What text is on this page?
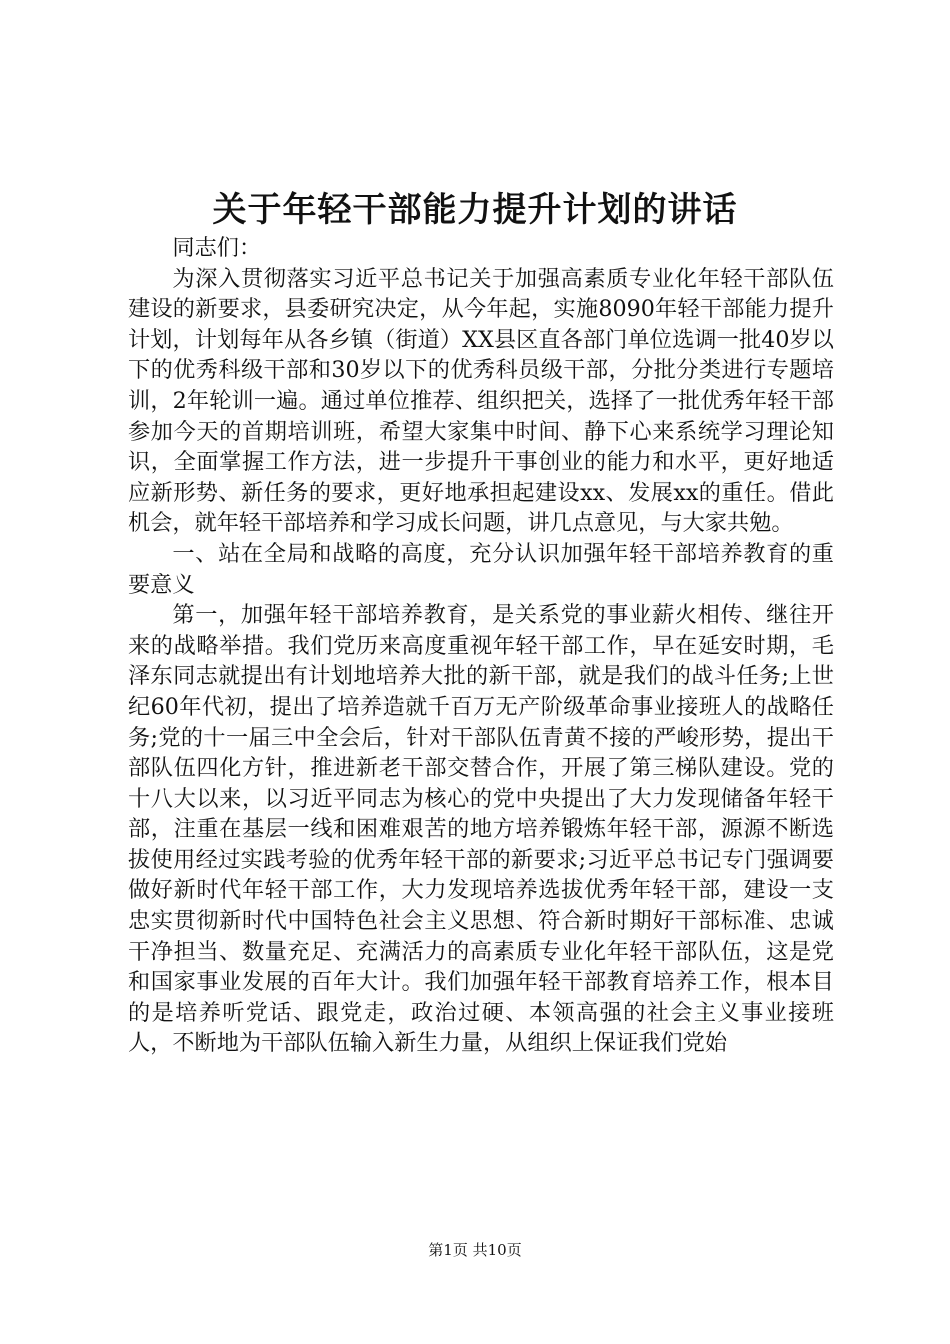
关于年轻干部能力提升计划的讲话

同志们：

为深入贯彻落实习近平总书记关于加强高素质专业化年轻干部队伍建设的新要求，县委研究决定，从今年起，实施8090年轻干部能力提升计划，计划每年从各乡镇（街道）XX县区直各部门单位选调一批40岁以下的优秀科级干部和30岁以下的优秀科员级干部，分批分类进行专题培训，2年轮训一遍。通过单位推荐、组织把关，选择了一批优秀年轻干部参加今天的首期培训班，希望大家集中时间、静下心来系统学习理论知识，全面掌握工作方法，进一步提升干事创业的能力和水平，更好地适应新形势、新任务的要求，更好地承担起建设xx、发展xx的重任。借此机会，就年轻干部培养和学习成长问题，讲几点意见，与大家共勉。

一、站在全局和战略的高度，充分认识加强年轻干部培养教育的重要意义

第一，加强年轻干部培养教育，是关系党的事业薪火相传、继往开来的战略举措。我们党历来高度重视年轻干部工作，早在延安时期，毛泽东同志就提出有计划地培养大批的新干部，就是我们的战斗任务;上世纪60年代初，提出了培养造就千百万无产阶级革命事业接班人的战略任务;党的十一届三中全会后，针对干部队伍青黄不接的严峻形势，提出干部队伍四化方针，推进新老干部交替合作，开展了第三梯队建设。党的十八大以来，以习近平同志为核心的党中央提出了大力发现储备年轻干部，注重在基层一线和困难艰苦的地方培养锻炼年轻干部，源源不断选拔使用经过实践考验的优秀年轻干部的新要求;习近平总书记专门强调要做好新时代年轻干部工作，大力发现培养选拔优秀年轻干部，建设一支忠实贯彻新时代中国特色社会主义思想、符合新时期好干部标准、忠诚干净担当、数量充足、充满活力的高素质专业化年轻干部队伍，这是党和国家事业发展的百年大计。我们加强年轻干部教育培养工作，根本目的是培养听党话、跟党走，政治过硬、本领高强的社会主义事业接班人，不断地为干部队伍输入新生力量，从组织上保证我们党始

第1页 共10页
